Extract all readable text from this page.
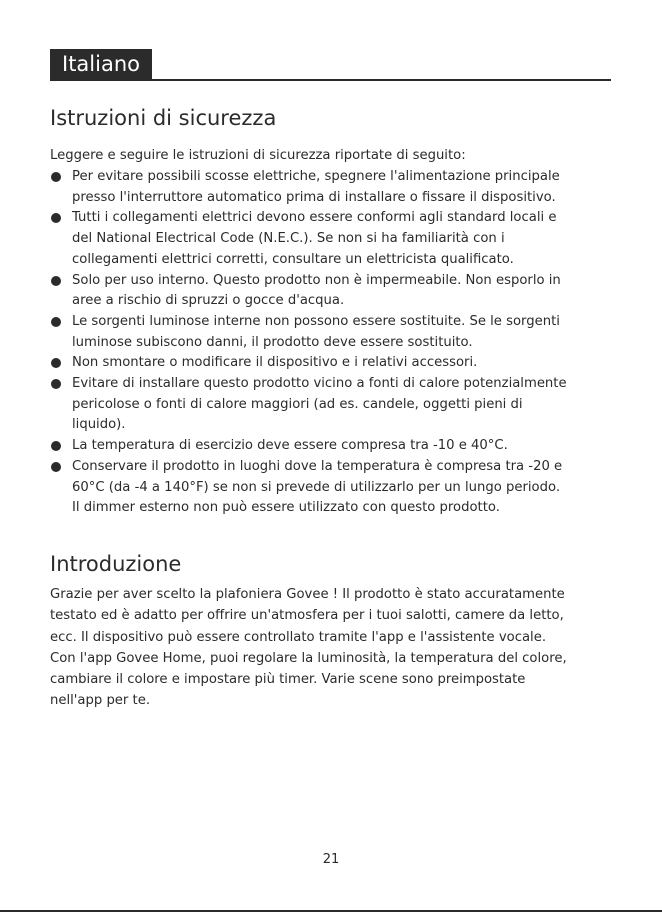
Italiano
Istruzioni di sicurezza

Leggere e seguire le istruzioni di sicurezza riportate di seguito:

Per evitare possibili scosse elettriche, spegnere l'alimentazione principale
presso l'interruttore automatico prima di installare o fissare il dispositivo.
Tutti i collegamenti elettrici devono essere conformi agli standard locali e
del National Electrical Code (N.E.C.). Se non si ha familiarità con i
collegamenti elettrici corretti, consultare un elettricista qualificato.
Solo per uso interno. Questo prodotto non è impermeabile. Non esporlo in
aree a rischio di spruzzi o gocce d'acqua.
Le sorgenti luminose interne non possono essere sostituite. Se le sorgenti
luminose subiscono danni, il prodotto deve essere sostituito.
Non smontare o modificare il dispositivo e i relativi accessori.
Evitare di installare questo prodotto vicino a fonti di calore potenzialmente
pericolose o fonti di calore maggiori (ad es. candele, oggetti pieni di
liquido).
La temperatura di esercizio deve essere compresa tra -10 e 40°C.
Conservare il prodotto in luoghi dove la temperatura è compresa tra -20 e
60°C (da -4 a 140°F) se non si prevede di utilizzarlo per un lungo periodo.
Il dimmer esterno non può essere utilizzato con questo prodotto.
Introduzione
Grazie per aver scelto la plafoniera Govee ! Il prodotto è stato accuratamente
testato ed è adatto per offrire un'atmosfera per i tuoi salotti, camere da letto,
ecc. Il dispositivo può essere controllato tramite l'app e l'assistente vocale.
Con l'app Govee Home, puoi regolare la luminosità, la temperatura del colore,
cambiare il colore e impostare più timer. Varie scene sono preimpostate
nell'app per te.
21
